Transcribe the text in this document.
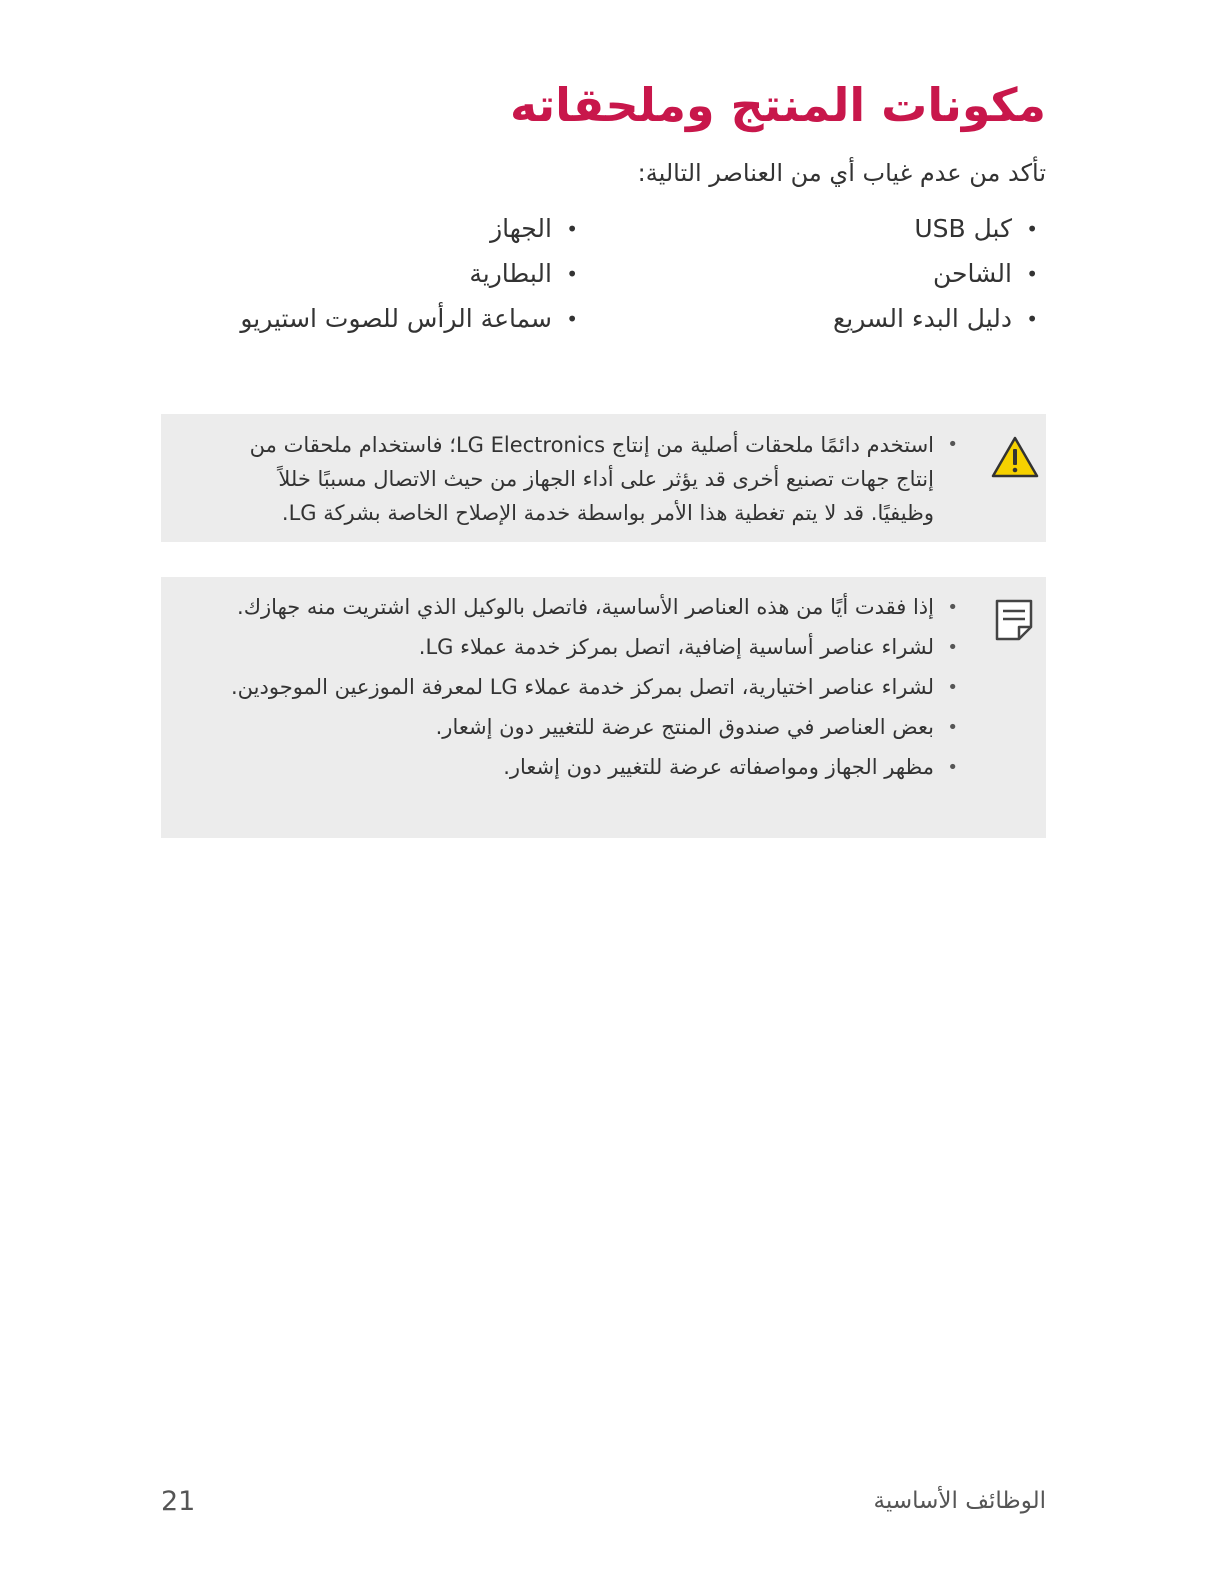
مكونات المنتج وملحقاته
تأكد من عدم غياب أي من العناصر التالية:
•
كبل USB
•
الجهاز
•
الشاحن
•
البطارية
•
دليل البدء السريع
•
سماعة الرأس للصوت استيريو
•
استخدم دائمًا ملحقات أصلية من إنتاج LG Electronics؛ فاستخدام ملحقات من إنتاج جهات تصنيع أخرى قد يؤثر على أداء الجهاز من حيث الاتصال مسببًا خللاً وظيفيًا. قد لا يتم تغطية هذا الأمر بواسطة خدمة الإصلاح الخاصة بشركة LG.
•
إذا فقدت أيًا من هذه العناصر الأساسية، فاتصل بالوكيل الذي اشتريت منه جهازك.
•
لشراء عناصر أساسية إضافية، اتصل بمركز خدمة عملاء LG.
•
لشراء عناصر اختيارية، اتصل بمركز خدمة عملاء LG لمعرفة الموزعين الموجودين.
•
بعض العناصر في صندوق المنتج عرضة للتغيير دون إشعار.
•
مظهر الجهاز ومواصفاته عرضة للتغيير دون إشعار.
الوظائف الأساسية
21
